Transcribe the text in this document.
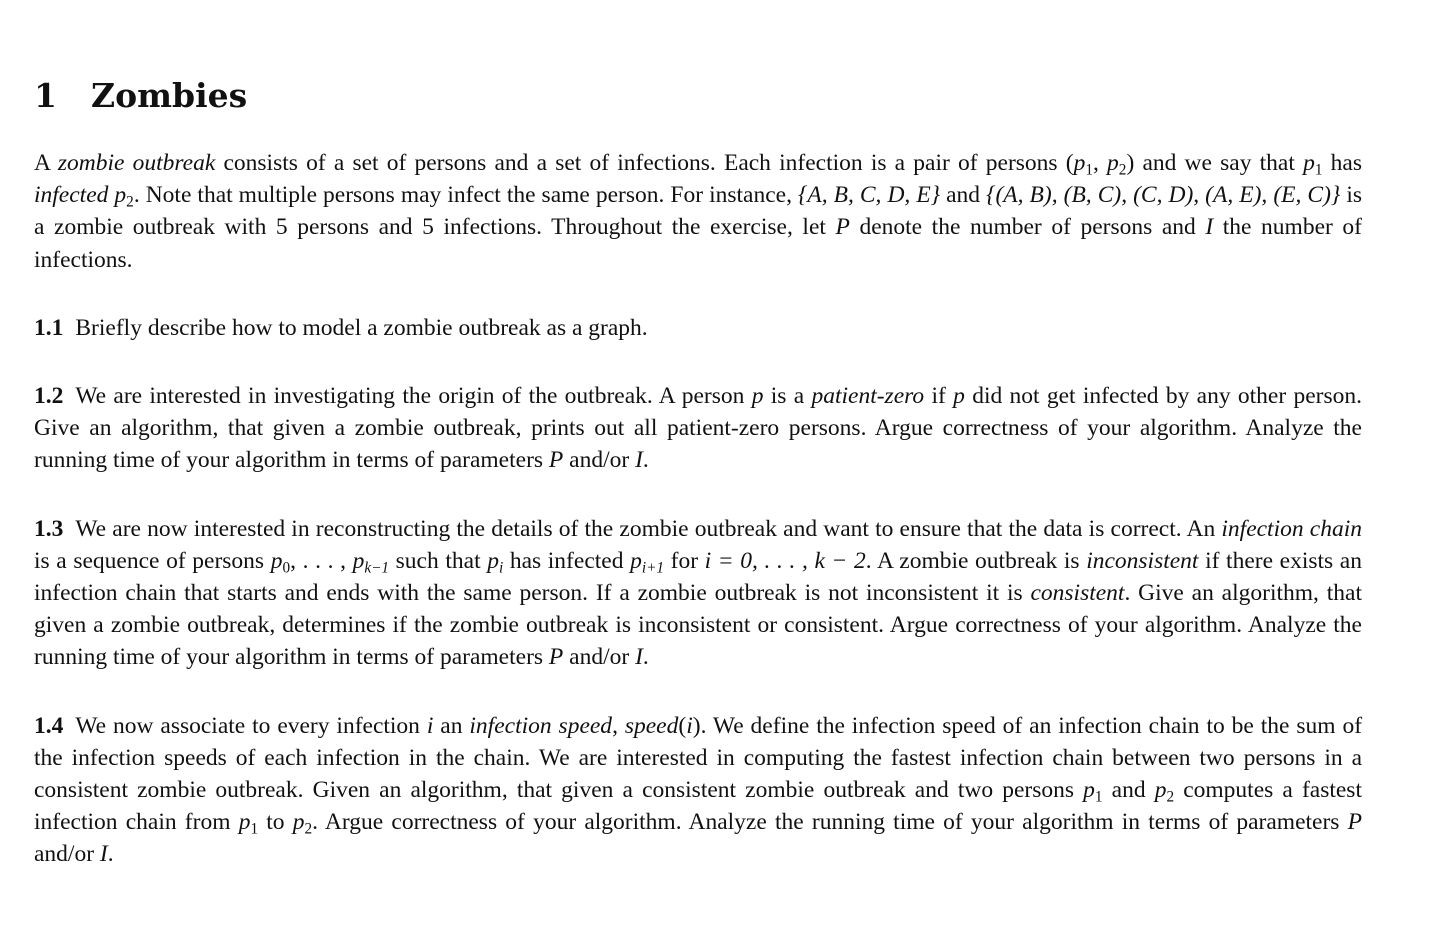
1 Zombies

A zombie outbreak consists of a set of persons and a set of infections. Each infection is a pair of persons ($p_1$, $p_2$) and we say that $p_1$ has infected $p_2$. Note that multiple persons may infect the same person. For instance, {A, B, C, D, E} and {(A, B), (B, C), (C, D), (A, E), (E, C)} is a zombie outbreak with 5 persons and 5 infections. Throughout the exercise, let P denote the number of persons and I the number of infections.

1.1 Briefly describe how to model a zombie outbreak as a graph.

1.2 We are interested in investigating the origin of the outbreak. A person p is a patient-zero if p did not get infected by any other person. Give an algorithm, that given a zombie outbreak, prints out all patient-zero persons. Argue correctness of your algorithm. Analyze the running time of your algorithm in terms of parameters P and/or I.

1.3 We are now interested in reconstructing the details of the zombie outbreak and want to ensure that the data is correct. An infection chain is a sequence of persons $p_0$, . . . , $p_{k-1}$ such that $p_i$ has infected $p_{i+1}$ for i = 0, . . . , k − 2. A zombie outbreak is inconsistent if there exists an infection chain that starts and ends with the same person. If a zombie outbreak is not inconsistent it is consistent. Give an algorithm, that given a zombie outbreak, determines if the zombie outbreak is inconsistent or consistent. Argue correctness of your algorithm. Analyze the running time of your algorithm in terms of parameters P and/or I.

1.4 We now associate to every infection i an infection speed, speed(i). We define the infection speed of an infection chain to be the sum of the infection speeds of each infection in the chain. We are interested in computing the fastest infection chain between two persons in a consistent zombie outbreak. Given an algorithm, that given a consistent zombie outbreak and two persons $p_1$ and $p_2$ computes a fastest infection chain from $p_1$ to $p_2$. Argue correctness of your algorithm. Analyze the running time of your algorithm in terms of parameters P and/or I.
